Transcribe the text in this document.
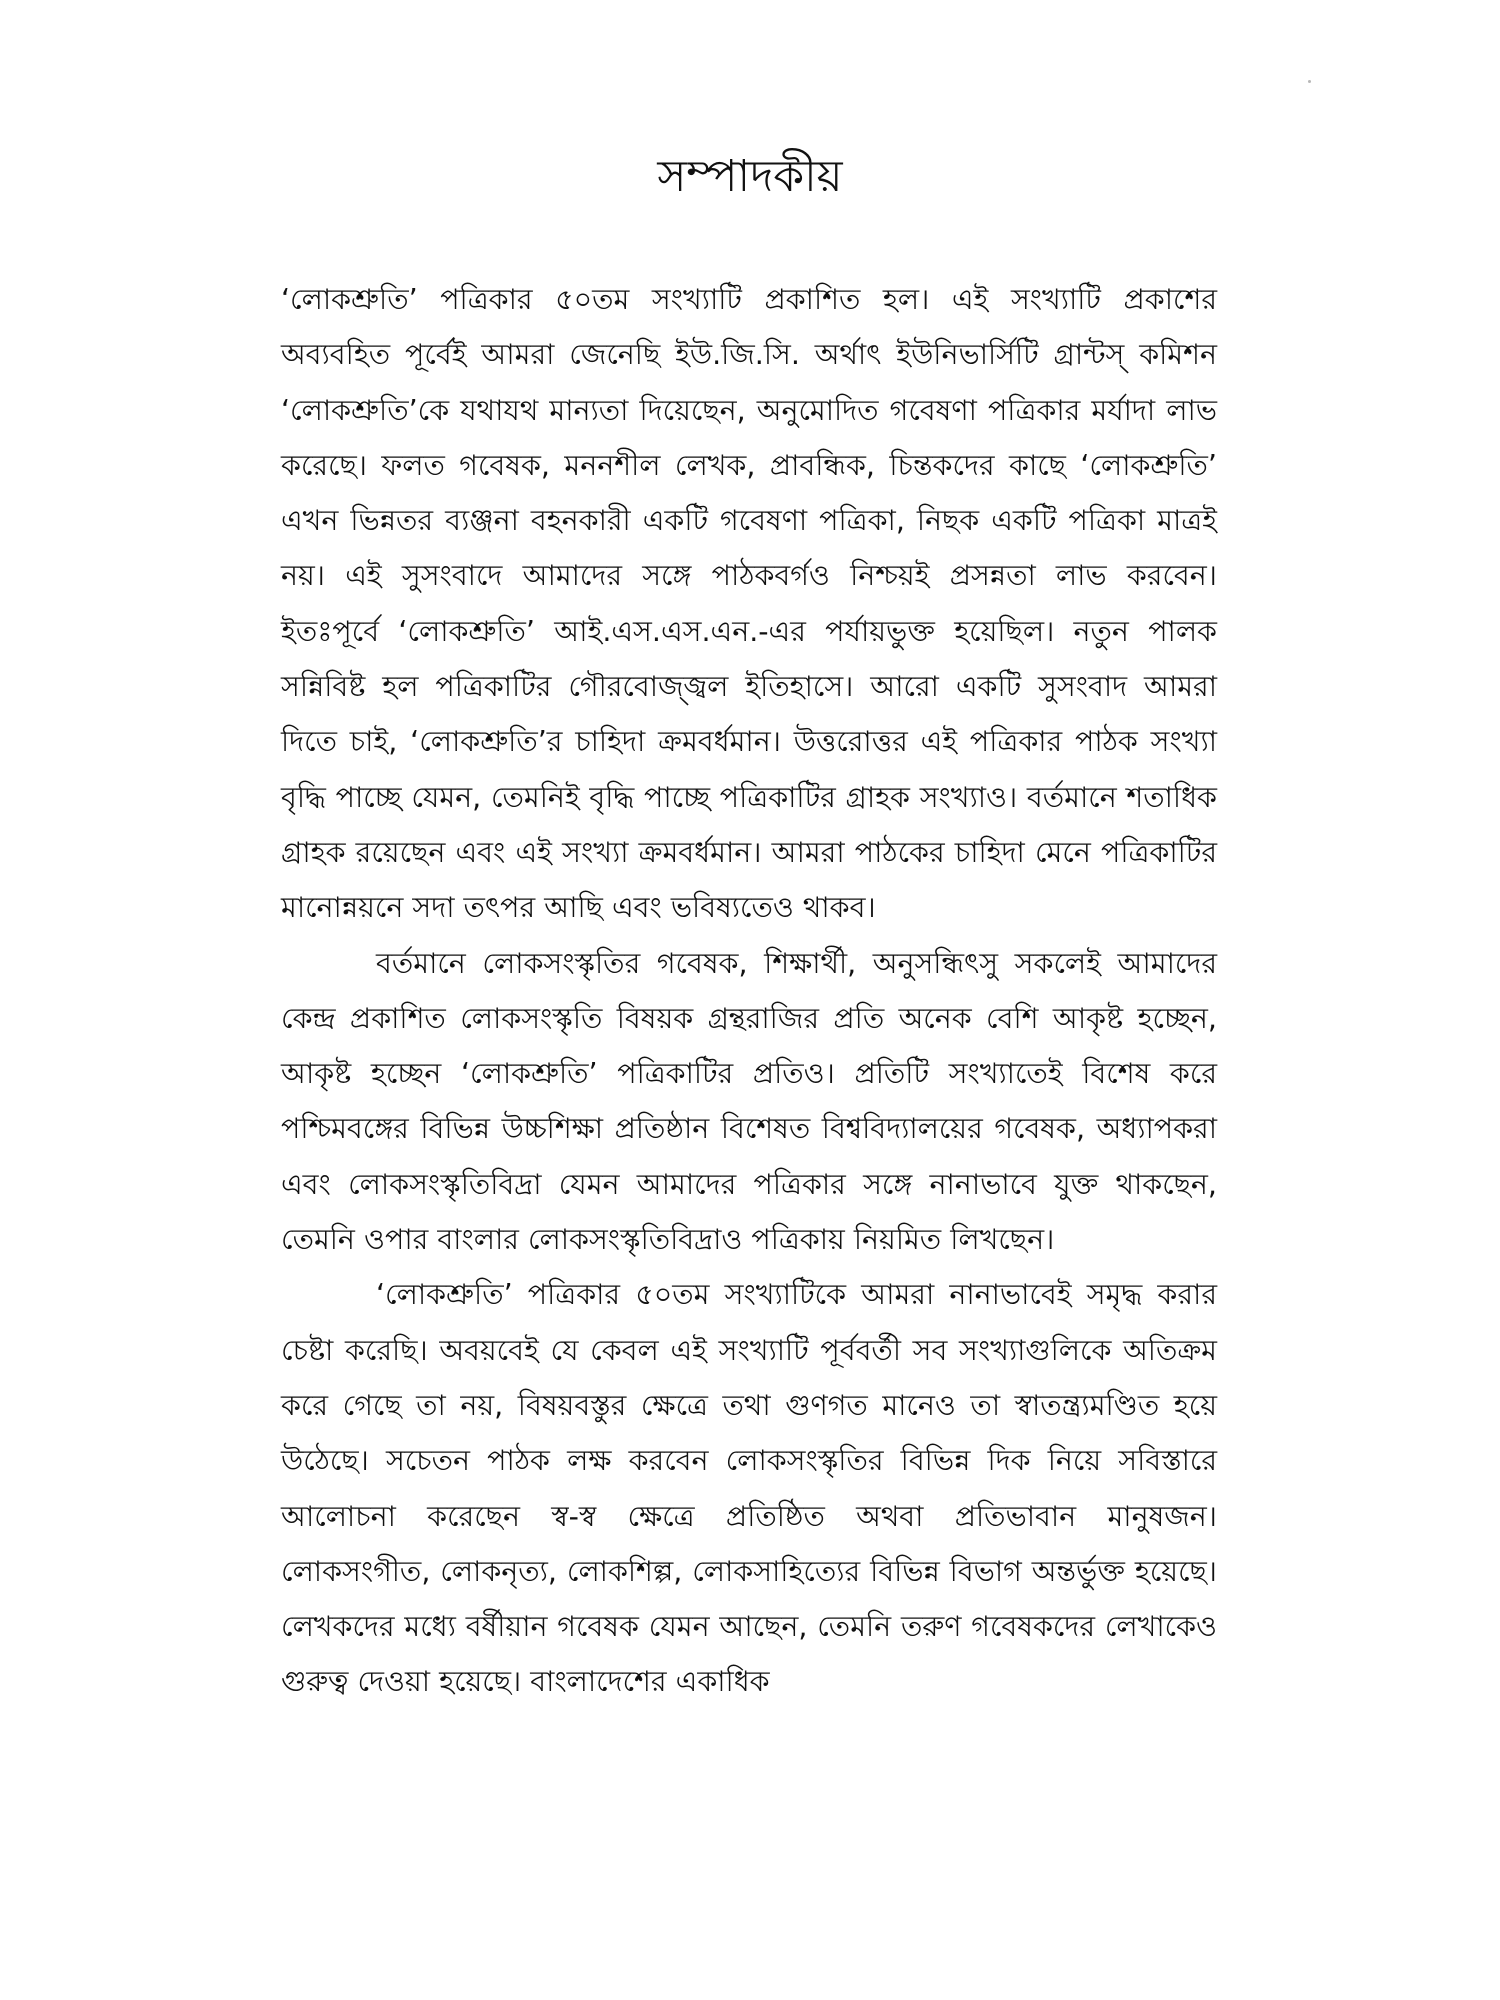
সম্পাদকীয়

‘লোকশ্রুতি’ পত্রিকার ৫০তম সংখ্যাটি প্রকাশিত হল। এই সংখ্যাটি প্রকাশের অব্যবহিত পূর্বেই আমরা জেনেছি ইউ.জি.সি. অর্থাৎ ইউনিভার্সিটি গ্রান্টস্ কমিশন ‘লোকশ্রুতি’কে যথাযথ মান্যতা দিয়েছেন, অনুমোদিত গবেষণা পত্রিকার মর্যাদা লাভ করেছে। ফলত গবেষক, মননশীল লেখক, প্রাবন্ধিক, চিন্তকদের কাছে ‘লোকশ্রুতি’ এখন ভিন্নতর ব্যঞ্জনা বহনকারী একটি গবেষণা পত্রিকা, নিছক একটি পত্রিকা মাত্রই নয়। এই সুসংবাদে আমাদের সঙ্গে পাঠকবর্গও নিশ্চয়ই প্রসন্নতা লাভ করবেন। ইতঃপূর্বে ‘লোকশ্রুতি’ আই.এস.এস.এন.-এর পর্যায়ভুক্ত হয়েছিল। নতুন পালক সন্নিবিষ্ট হল পত্রিকাটির গৌরবোজ্জ্বল ইতিহাসে। আরো একটি সুসংবাদ আমরা দিতে চাই, ‘লোকশ্রুতি’র চাহিদা ক্রমবর্ধমান। উত্তরোত্তর এই পত্রিকার পাঠক সংখ্যা বৃদ্ধি পাচ্ছে যেমন, তেমনিই বৃদ্ধি পাচ্ছে পত্রিকাটির গ্রাহক সংখ্যাও। বর্তমানে শতাধিক গ্রাহক রয়েছেন এবং এই সংখ্যা ক্রমবর্ধমান। আমরা পাঠকের চাহিদা মেনে পত্রিকাটির মানোন্নয়নে সদা তৎপর আছি এবং ভবিষ্যতেও থাকব।

বর্তমানে লোকসংস্কৃতির গবেষক, শিক্ষার্থী, অনুসন্ধিৎসু সকলেই আমাদের কেন্দ্র প্রকাশিত লোকসংস্কৃতি বিষয়ক গ্রন্থরাজির প্রতি অনেক বেশি আকৃষ্ট হচ্ছেন, আকৃষ্ট হচ্ছেন ‘লোকশ্রুতি’ পত্রিকাটির প্রতিও। প্রতিটি সংখ্যাতেই বিশেষ করে পশ্চিমবঙ্গের বিভিন্ন উচ্চশিক্ষা প্রতিষ্ঠান বিশেষত বিশ্ববিদ্যালয়ের গবেষক, অধ্যাপকরা এবং লোকসংস্কৃতিবিদ্রা যেমন আমাদের পত্রিকার সঙ্গে নানাভাবে যুক্ত থাকছেন, তেমনি ওপার বাংলার লোকসংস্কৃতিবিদ্রাও পত্রিকায় নিয়মিত লিখছেন।

‘লোকশ্রুতি’ পত্রিকার ৫০তম সংখ্যাটিকে আমরা নানাভাবেই সমৃদ্ধ করার চেষ্টা করেছি। অবয়বেই যে কেবল এই সংখ্যাটি পূর্ববর্তী সব সংখ্যাগুলিকে অতিক্রম করে গেছে তা নয়, বিষয়বস্তুর ক্ষেত্রে তথা গুণগত মানেও তা স্বাতন্ত্র্যমণ্ডিত হয়ে উঠেছে। সচেতন পাঠক লক্ষ করবেন লোকসংস্কৃতির বিভিন্ন দিক নিয়ে সবিস্তারে আলোচনা করেছেন স্ব-স্ব ক্ষেত্রে প্রতিষ্ঠিত অথবা প্রতিভাবান মানুষজন। লোকসংগীত, লোকনৃত্য, লোকশিল্প, লোকসাহিত্যের বিভিন্ন বিভাগ অন্তর্ভুক্ত হয়েছে। লেখকদের মধ্যে বর্ষীয়ান গবেষক যেমন আছেন, তেমনি তরুণ গবেষকদের লেখাকেও গুরুত্ব দেওয়া হয়েছে। বাংলাদেশের একাধিক
